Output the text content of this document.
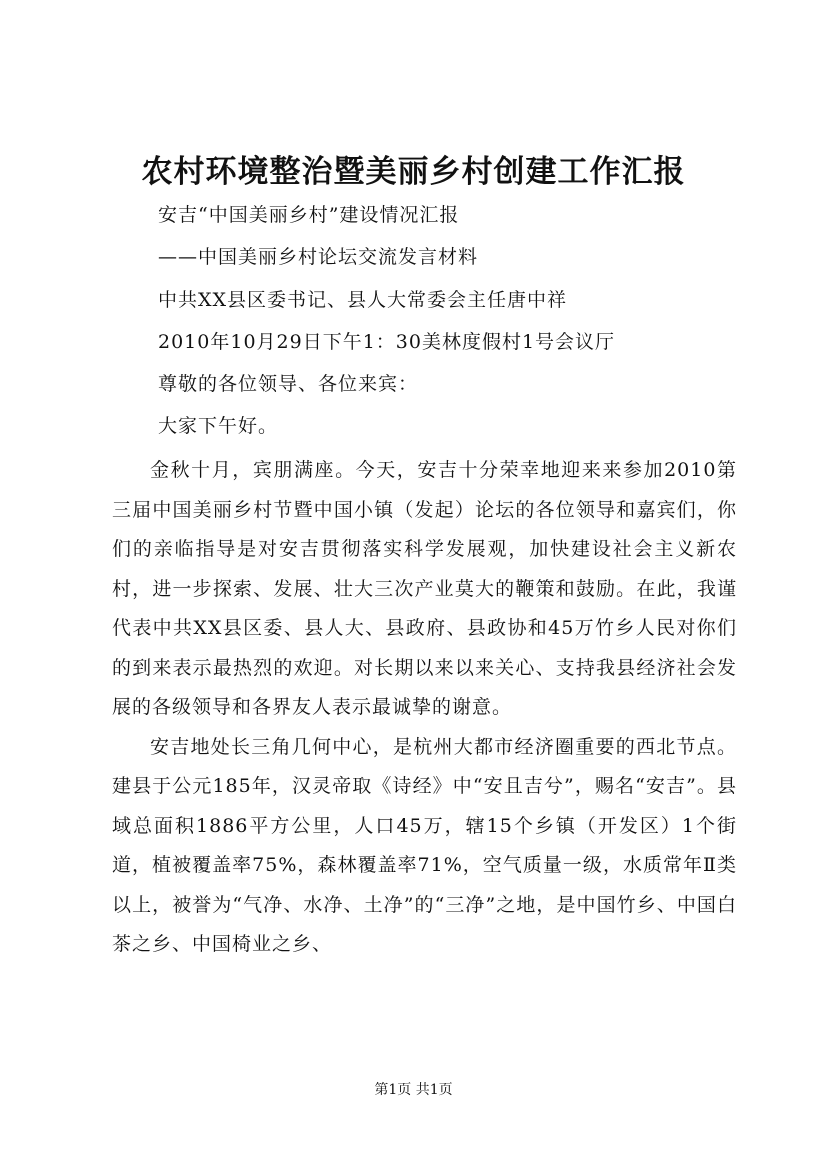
农村环境整治暨美丽乡村创建工作汇报
安吉“中国美丽乡村”建设情况汇报
——中国美丽乡村论坛交流发言材料
中共XX县区委书记、县人大常委会主任唐中祥
2010年10月29日下午1：30美林度假村1号会议厅
尊敬的各位领导、各位来宾：
大家下午好。

金秋十月，宾朋满座。今天，安吉十分荣幸地迎来来参加2010第三届中国美丽乡村节暨中国小镇（发起）论坛的各位领导和嘉宾们，你们的亲临指导是对安吉贯彻落实科学发展观，加快建设社会主义新农村，进一步探索、发展、壮大三次产业莫大的鞭策和鼓励。在此，我谨代表中共XX县区委、县人大、县政府、县政协和45万竹乡人民对你们的到来表示最热烈的欢迎。对长期以来以来关心、支持我县经济社会发展的各级领导和各界友人表示最诚挚的谢意。

安吉地处长三角几何中心，是杭州大都市经济圈重要的西北节点。建县于公元185年，汉灵帝取《诗经》中“安且吉兮”，赐名“安吉”。县域总面积1886平方公里，人口45万，辖15个乡镇（开发区）1个街道，植被覆盖率75%，森林覆盖率71%，空气质量一级，水质常年Ⅱ类以上，被誉为“气净、水净、土净”的“三净”之地，是中国竹乡、中国白茶之乡、中国椅业之乡、

第1页 共1页
